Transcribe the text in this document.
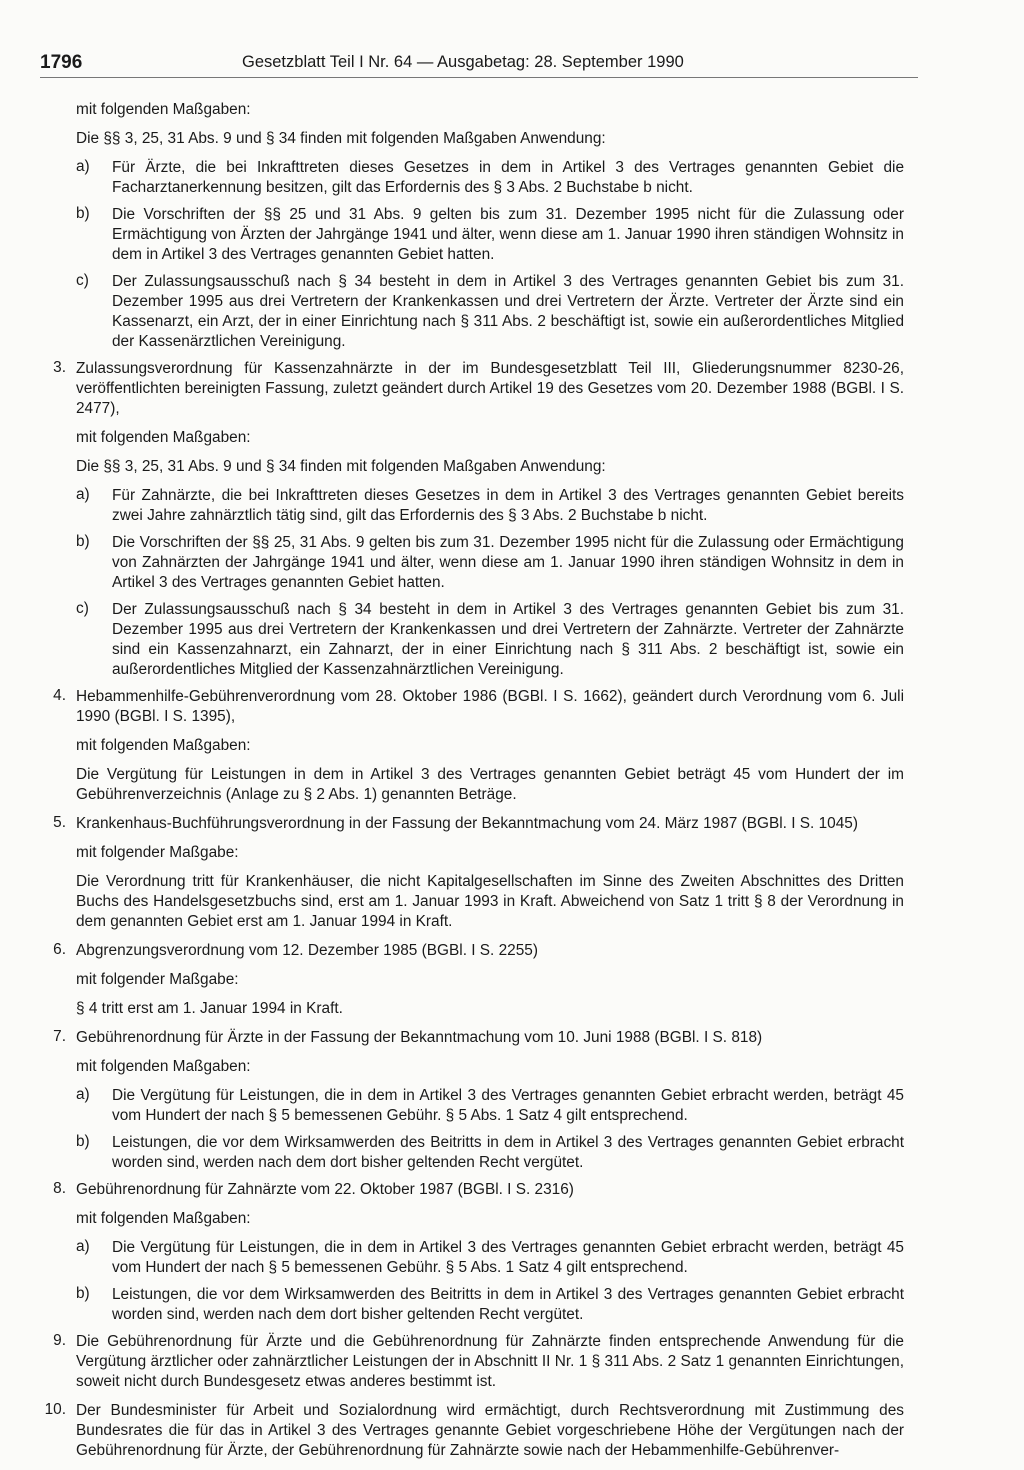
1796	Gesetzblatt Teil I Nr. 64 — Ausgabetag: 28. September 1990

mit folgenden Maßgaben:

Die §§ 3, 25, 31 Abs. 9 und § 34 finden mit folgenden Maßgaben Anwendung:

a) Für Ärzte, die bei Inkrafttreten dieses Gesetzes in dem in Artikel 3 des Vertrages genannten Gebiet die Facharztanerkennung besitzen, gilt das Erfordernis des § 3 Abs. 2 Buchstabe b nicht.

b) Die Vorschriften der §§ 25 und 31 Abs. 9 gelten bis zum 31. Dezember 1995 nicht für die Zulassung oder Ermächtigung von Ärzten der Jahrgänge 1941 und älter, wenn diese am 1. Januar 1990 ihren ständigen Wohnsitz in dem in Artikel 3 des Vertrages genannten Gebiet hatten.

c) Der Zulassungsausschuß nach § 34 besteht in dem in Artikel 3 des Vertrages genannten Gebiet bis zum 31. Dezember 1995 aus drei Vertretern der Krankenkassen und drei Vertretern der Ärzte. Vertreter der Ärzte sind ein Kassenarzt, ein Arzt, der in einer Einrichtung nach § 311 Abs. 2 beschäftigt ist, sowie ein außerordentliches Mitglied der Kassenärztlichen Vereinigung.

3. Zulassungsverordnung für Kassenzahnärzte in der im Bundesgesetzblatt Teil III, Gliederungsnummer 8230-26, veröffentlichten bereinigten Fassung, zuletzt geändert durch Artikel 19 des Gesetzes vom 20. Dezember 1988 (BGBl. I S. 2477),

mit folgenden Maßgaben:

Die §§ 3, 25, 31 Abs. 9 und § 34 finden mit folgenden Maßgaben Anwendung:

a) Für Zahnärzte, die bei Inkrafttreten dieses Gesetzes in dem in Artikel 3 des Vertrages genannten Gebiet bereits zwei Jahre zahnärztlich tätig sind, gilt das Erfordernis des § 3 Abs. 2 Buchstabe b nicht.

b) Die Vorschriften der §§ 25, 31 Abs. 9 gelten bis zum 31. Dezember 1995 nicht für die Zulassung oder Ermächtigung von Zahnärzten der Jahrgänge 1941 und älter, wenn diese am 1. Januar 1990 ihren ständigen Wohnsitz in dem in Artikel 3 des Vertrages genannten Gebiet hatten.

c) Der Zulassungsausschuß nach § 34 besteht in dem in Artikel 3 des Vertrages genannten Gebiet bis zum 31. Dezember 1995 aus drei Vertretern der Krankenkassen und drei Vertretern der Zahnärzte. Vertreter der Zahnärzte sind ein Kassenzahnarzt, ein Zahnarzt, der in einer Einrichtung nach § 311 Abs. 2 beschäftigt ist, sowie ein außerordentliches Mitglied der Kassenzahnärztlichen Vereinigung.

4. Hebammenhilfe-Gebührenverordnung vom 28. Oktober 1986 (BGBl. I S. 1662), geändert durch Verordnung vom 6. Juli 1990 (BGBl. I S. 1395),

mit folgenden Maßgaben:

Die Vergütung für Leistungen in dem in Artikel 3 des Vertrages genannten Gebiet beträgt 45 vom Hundert der im Gebührenverzeichnis (Anlage zu § 2 Abs. 1) genannten Beträge.

5. Krankenhaus-Buchführungsverordnung in der Fassung der Bekanntmachung vom 24. März 1987 (BGBl. I S. 1045)

mit folgender Maßgabe:

Die Verordnung tritt für Krankenhäuser, die nicht Kapitalgesellschaften im Sinne des Zweiten Abschnittes des Dritten Buchs des Handelsgesetzbuchs sind, erst am 1. Januar 1993 in Kraft. Abweichend von Satz 1 tritt § 8 der Verordnung in dem genannten Gebiet erst am 1. Januar 1994 in Kraft.

6. Abgrenzungsverordnung vom 12. Dezember 1985 (BGBl. I S. 2255)

mit folgender Maßgabe:

§ 4 tritt erst am 1. Januar 1994 in Kraft.

7. Gebührenordnung für Ärzte in der Fassung der Bekanntmachung vom 10. Juni 1988 (BGBl. I S. 818)

mit folgenden Maßgaben:

a) Die Vergütung für Leistungen, die in dem in Artikel 3 des Vertrages genannten Gebiet erbracht werden, beträgt 45 vom Hundert der nach § 5 bemessenen Gebühr. § 5 Abs. 1 Satz 4 gilt entsprechend.

b) Leistungen, die vor dem Wirksamwerden des Beitritts in dem in Artikel 3 des Vertrages genannten Gebiet erbracht worden sind, werden nach dem dort bisher geltenden Recht vergütet.

8. Gebührenordnung für Zahnärzte vom 22. Oktober 1987 (BGBl. I S. 2316)

mit folgenden Maßgaben:

a) Die Vergütung für Leistungen, die in dem in Artikel 3 des Vertrages genannten Gebiet erbracht werden, beträgt 45 vom Hundert der nach § 5 bemessenen Gebühr. § 5 Abs. 1 Satz 4 gilt entsprechend.

b) Leistungen, die vor dem Wirksamwerden des Beitritts in dem in Artikel 3 des Vertrages genannten Gebiet erbracht worden sind, werden nach dem dort bisher geltenden Recht vergütet.

9. Die Gebührenordnung für Ärzte und die Gebührenordnung für Zahnärzte finden entsprechende Anwendung für die Vergütung ärztlicher oder zahnärztlicher Leistungen der in Abschnitt II Nr. 1 § 311 Abs. 2 Satz 1 genannten Einrichtungen, soweit nicht durch Bundesgesetz etwas anderes bestimmt ist.

10. Der Bundesminister für Arbeit und Sozialordnung wird ermächtigt, durch Rechtsverordnung mit Zustimmung des Bundesrates die für das in Artikel 3 des Vertrages genannte Gebiet vorgeschriebene Höhe der Vergütungen nach der Gebührenordnung für Ärzte, der Gebührenordnung für Zahnärzte sowie nach der Hebammenhilfe-Gebührenver-
